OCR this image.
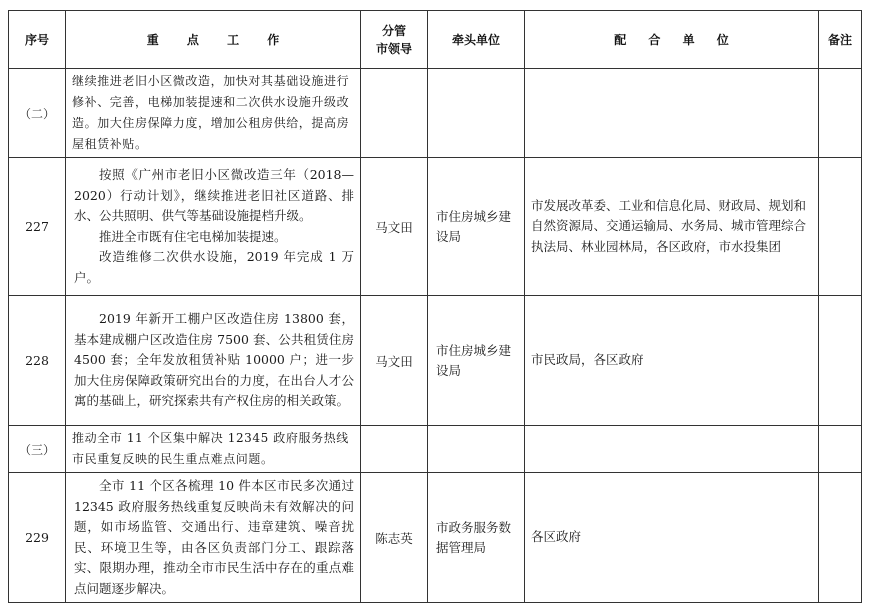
序号	重 点 工 作	分管
市领导	牵头单位	配 合 单 位	备注
（二）	继续推进老旧小区微改造，加快对其基础设施进行修补、完善，电梯加装提速和二次供水设施升级改造。加大住房保障力度，增加公租房供给，提高房屋租赁补贴。				
227	按照《广州市老旧小区微改造三年（2018—2020）行动计划》，继续推进老旧社区道路、排水、公共照明、供气等基础设施提档升级。

推进全市既有住宅电梯加装提速。

改造维修二次供水设施，2019 年完成 1 万户。	马文田	市住房城乡建设局	市发展改革委、工业和信息化局、财政局、规划和自然资源局、交通运输局、水务局、城市管理综合执法局、林业园林局，各区政府，市水投集团	
228	2019 年新开工棚户区改造住房 13800 套，基本建成棚户区改造住房 7500 套、公共租赁住房 4500 套；全年发放租赁补贴 10000 户；进一步加大住房保障政策研究出台的力度，在出台人才公寓的基础上，研究探索共有产权住房的相关政策。	马文田	市住房城乡建设局	市民政局，各区政府	
（三）	推动全市 11 个区集中解决 12345 政府服务热线市民重复反映的民生重点难点问题。				
229	全市 11 个区各梳理 10 件本区市民多次通过 12345 政府服务热线重复反映尚未有效解决的问题，如市场监管、交通出行、违章建筑、噪音扰民、环境卫生等，由各区负责部门分工、跟踪落实、限期办理，推动全市市民生活中存在的重点难点问题逐步解决。	陈志英	市政务服务数据管理局	各区政府	
